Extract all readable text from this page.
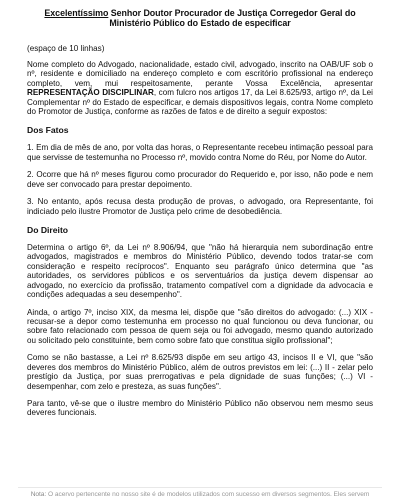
Excelentíssimo Senhor Doutor Procurador de Justiça Corregedor Geral do Ministério Público do Estado de especificar
(espaço de 10 linhas)

Nome completo do Advogado, nacionalidade, estado civil, advogado, inscrito na OAB/UF sob o nº, residente e domiciliado na endereço completo e com escritório profissional na endereço completo, vem, mui respeitosamente, perante Vossa Excelência, apresentar REPRESENTAÇÃO DISCIPLINAR, com fulcro nos artigos 17, da Lei 8.625/93, artigo nº, da Lei Complementar nº do Estado de especificar, e demais dispositivos legais, contra Nome completo do Promotor de Justiça, conforme as razões de fatos e de direito a seguir expostos:

Dos Fatos

1. Em dia de mês de ano, por volta das horas, o Representante recebeu intimação pessoal para que servisse de testemunha no Processo nº, movido contra Nome do Réu, por Nome do Autor.

2. Ocorre que há nº meses figurou como procurador do Requerido e, por isso, não pode e nem deve ser convocado para prestar depoimento.

3. No entanto, após recusa desta produção de provas, o advogado, ora Representante, foi indiciado pelo ilustre Promotor de Justiça pelo crime de desobediência.

Do Direito

Determina o artigo 6º, da Lei nº 8.906/94, que "não há hierarquia nem subordinação entre advogados, magistrados e membros do Ministério Público, devendo todos tratar-se com consideração e respeito recíprocos". Enquanto seu parágrafo único determina que "as autoridades, os servidores públicos e os serventuários da justiça devem dispensar ao advogado, no exercício da profissão, tratamento compatível com a dignidade da advocacia e condições adequadas a seu desempenho".

Ainda, o artigo 7º, inciso XIX, da mesma lei, dispõe que "são direitos do advogado: (...) XIX - recusar-se a depor como testemunha em processo no qual funcionou ou deva funcionar, ou sobre fato relacionado com pessoa de quem seja ou foi advogado, mesmo quando autorizado ou solicitado pelo constituinte, bem como sobre fato que constitua sigilo profissional";

Como se não bastasse, a Lei nº 8.625/93 dispõe em seu artigo 43, incisos II e VI, que "são deveres dos membros do Ministério Público, além de outros previstos em lei: (...) II - zelar pelo prestígio da Justiça, por suas prerrogativas e pela dignidade de suas funções; (...) VI - desempenhar, com zelo e presteza, as suas funções".

Para tanto, vê-se que o ilustre membro do Ministério Público não observou nem mesmo seus deveres funcionais.

Nota: O acervo pertencente no nosso site é de modelos utilizados com sucesso em diversos segmentos. Eles servem
